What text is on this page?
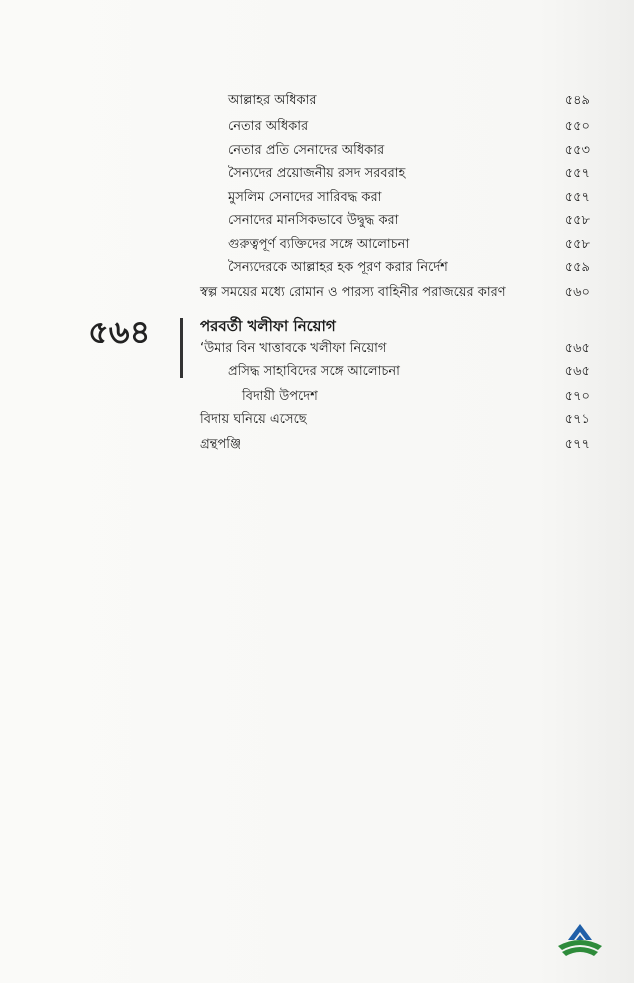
আল্লাহর অধিকার	৫৪৯
নেতার অধিকার	৫৫০
নেতার প্রতি সেনাদের অধিকার	৫৫৩
সৈন্যদের প্রয়োজনীয় রসদ সরবরাহ	৫৫৭
মুসলিম সেনাদের সারিবদ্ধ করা	৫৫৭
সেনাদের মানসিকভাবে উদ্বুদ্ধ করা	৫৫৮
গুরুত্বপূর্ণ ব্যক্তিদের সঙ্গে আলোচনা	৫৫৮
সৈন্যদেরকে আল্লাহর হক পূরণ করার নির্দেশ	৫৫৯
স্বল্প সময়ের মধ্যে রোমান ও পারস্য বাহিনীর পরাজয়ের কারণ	৫৬০
৫৬৪	পরবর্তী খলীফা নিয়োগ
‘উমার বিন খাত্তাবকে খলীফা নিয়োগ	৫৬৫
প্রসিদ্ধ সাহাবিদের সঙ্গে আলোচনা	৫৬৫
বিদায়ী উপদেশ	৫৭০
বিদায় ঘনিয়ে এসেছে	৫৭১
গ্রন্থপঞ্জি	৫৭৭
